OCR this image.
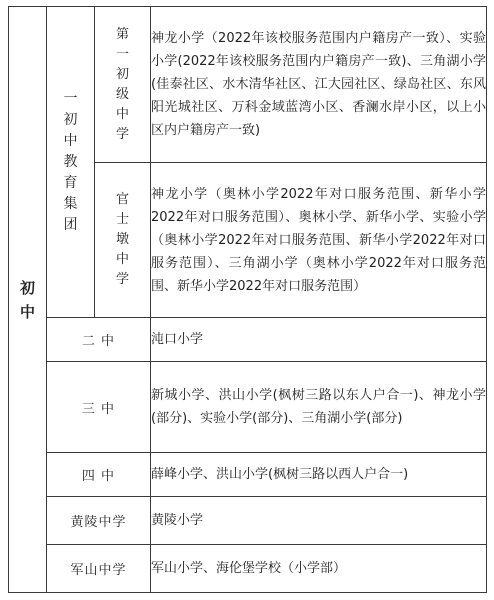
初中	一初中教育集团	第一初级中学	神龙小学（2022年该校服务范围内户籍房产一致）、实验小学(2022年该校服务范围内户籍房产一致)、三角湖小学(佳泰社区、水木清华社区、江大园社区、绿岛社区、东风阳光城社区、万科金域蓝湾小区、香澜水岸小区，以上小区内户籍房产一致)
		官士墩中学	神龙小学（奥林小学2022年对口服务范围、新华小学2022年对口服务范围）、奥林小学、新华小学、实验小学（奥林小学2022年对口服务范围、新华小学2022年对口服务范围）、三角湖小学（奥林小学2022年对口服务范围、新华小学2022年对口服务范围）
	二 中		沌口小学
	三 中		新城小学、洪山小学(枫树三路以东人户合一)、神龙小学(部分)、实验小学(部分)、三角湖小学(部分)
	四 中		薛峰小学、洪山小学(枫树三路以西人户合一)
	黄陵中学		黄陵小学
	军山中学		军山小学、海伦堡学校（小学部）
